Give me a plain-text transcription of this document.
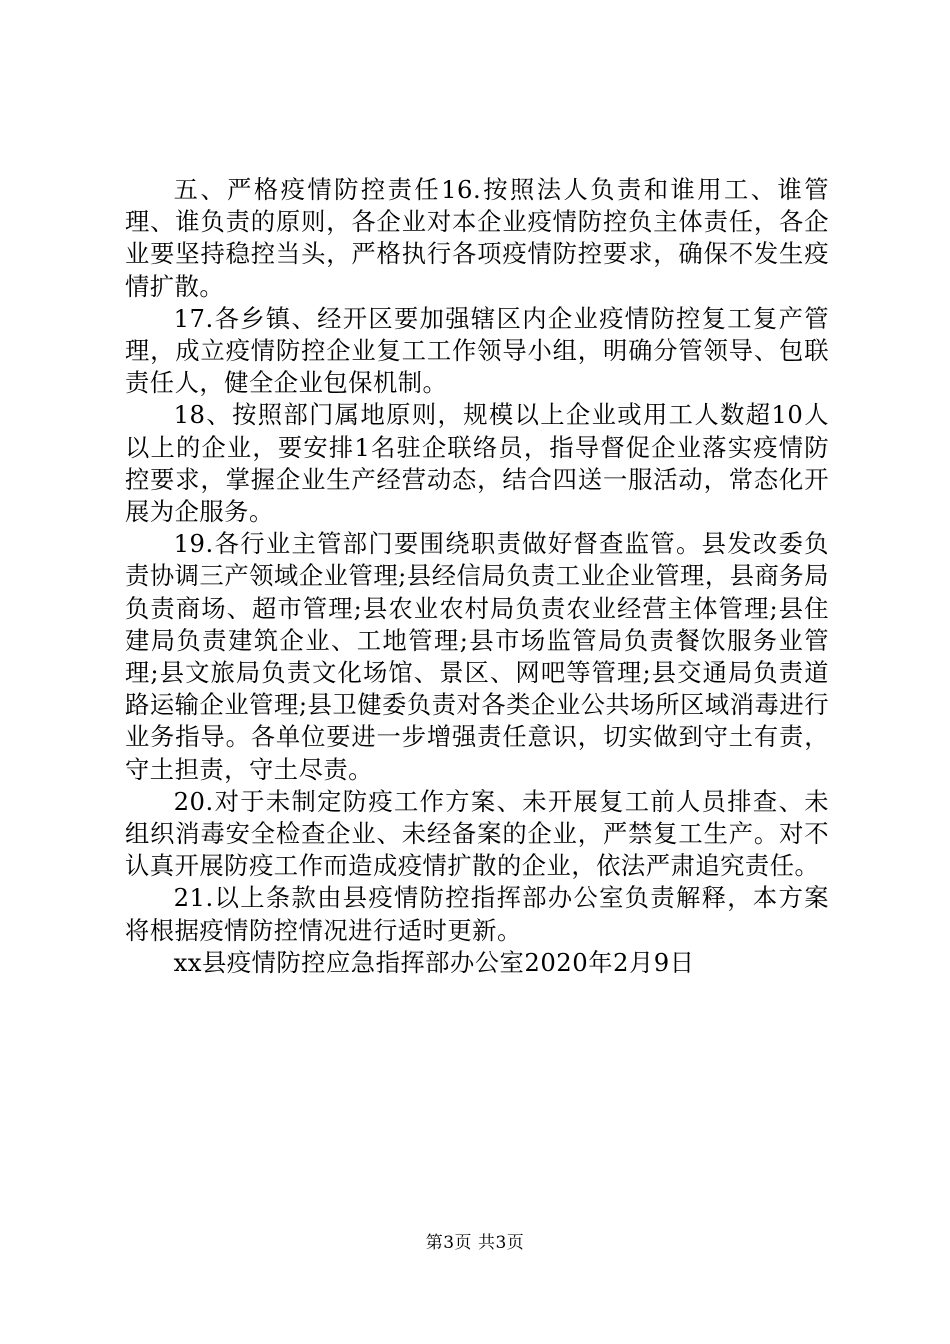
五、严格疫情防控责任16.按照法人负责和谁用工、谁管理、谁负责的原则，各企业对本企业疫情防控负主体责任，各企业要坚持稳控当头，严格执行各项疫情防控要求，确保不发生疫情扩散。

17.各乡镇、经开区要加强辖区内企业疫情防控复工复产管理，成立疫情防控企业复工工作领导小组，明确分管领导、包联责任人，健全企业包保机制。

18、按照部门属地原则，规模以上企业或用工人数超10人以上的企业，要安排1名驻企联络员，指导督促企业落实疫情防控要求，掌握企业生产经营动态，结合四送一服活动，常态化开展为企服务。

19.各行业主管部门要围绕职责做好督查监管。县发改委负责协调三产领域企业管理;县经信局负责工业企业管理，县商务局负责商场、超市管理;县农业农村局负责农业经营主体管理;县住建局负责建筑企业、工地管理;县市场监管局负责餐饮服务业管理;县文旅局负责文化场馆、景区、网吧等管理;县交通局负责道路运输企业管理;县卫健委负责对各类企业公共场所区域消毒进行业务指导。各单位要进一步增强责任意识，切实做到守土有责，守土担责，守土尽责。

20.对于未制定防疫工作方案、未开展复工前人员排查、未组织消毒安全检查企业、未经备案的企业，严禁复工生产。对不认真开展防疫工作而造成疫情扩散的企业，依法严肃追究责任。

21.以上条款由县疫情防控指挥部办公室负责解释，本方案将根据疫情防控情况进行适时更新。

xx县疫情防控应急指挥部办公室2020年2月9日

第3页 共3页
